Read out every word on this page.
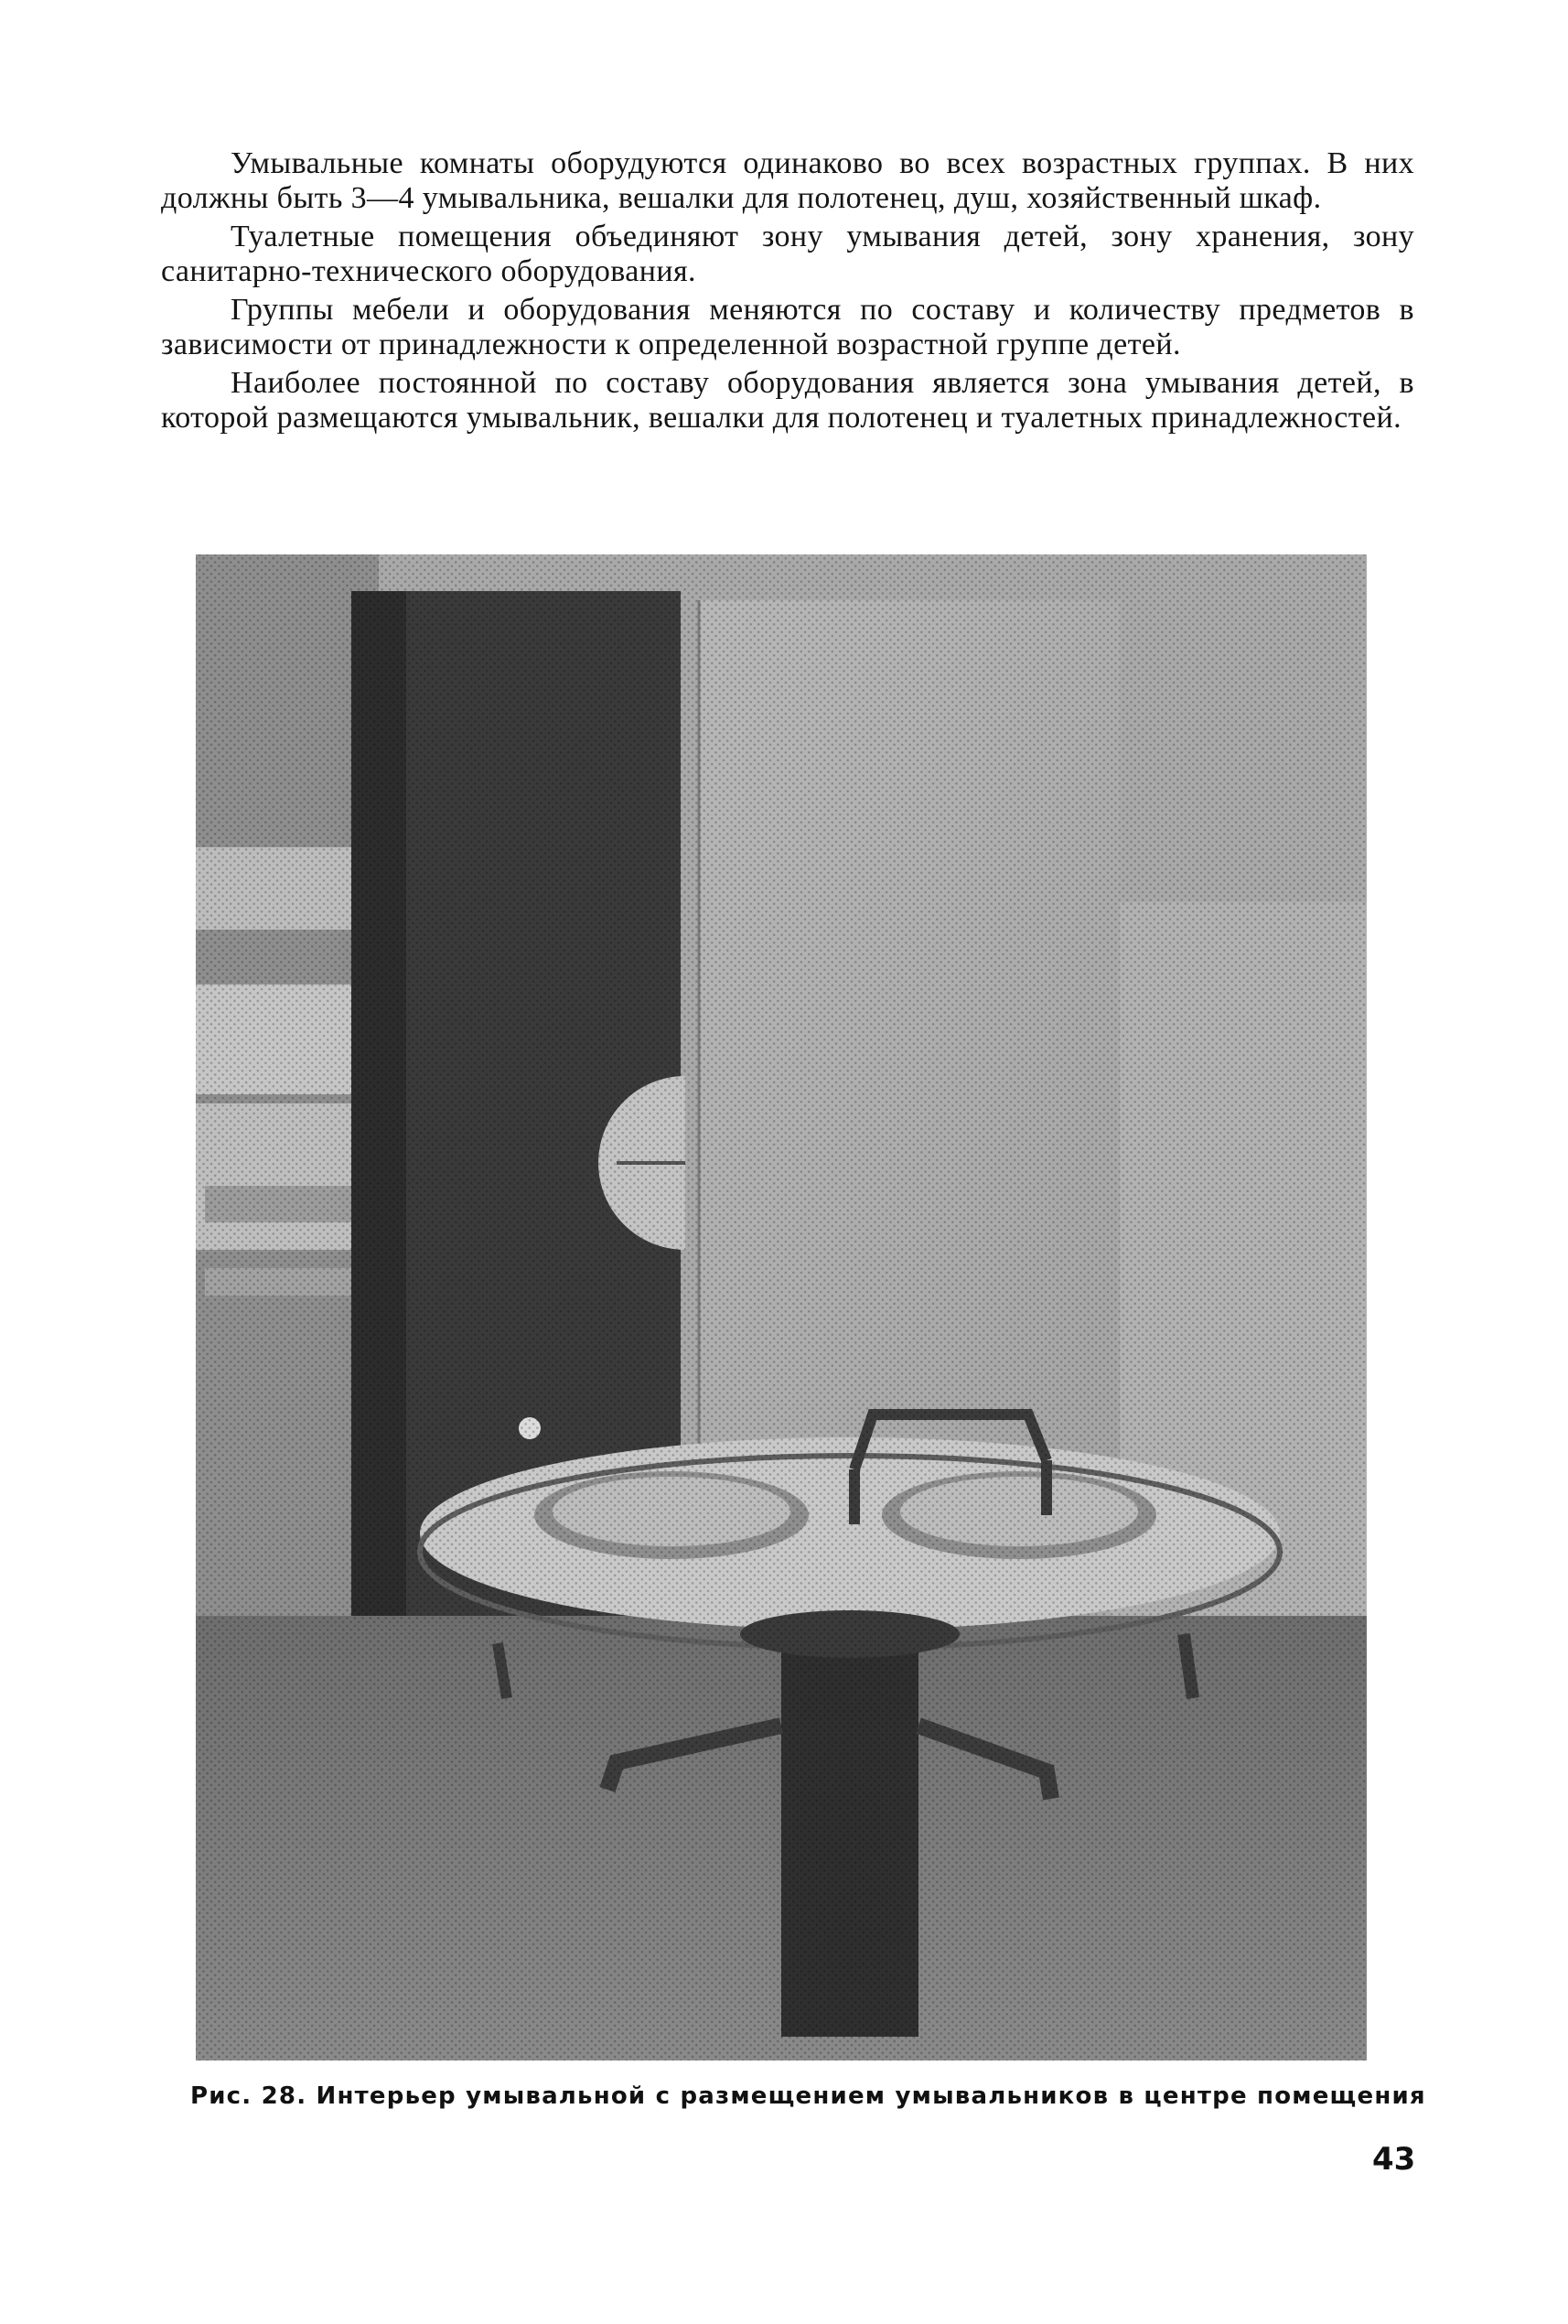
Умывальные комнаты оборудуются одинаково во всех возрастных группах. В них должны быть 3—4 умывальника, вешалки для полотенец, душ, хозяйственный шкаф.

Туалетные помещения объединяют зону умывания детей, зону хранения, зону санитарно-технического оборудования.

Группы мебели и оборудования меняются по составу и количеству предметов в зависимости от принадлежности к определенной возрастной группе детей.

Наиболее постоянной по составу оборудования является зона умывания детей, в которой размещаются умывальник, вешалки для полотенец и туалетных принадлежностей.

Рис. 28. Интерьер умывальной с размещением умывальников в центре помещения
43
